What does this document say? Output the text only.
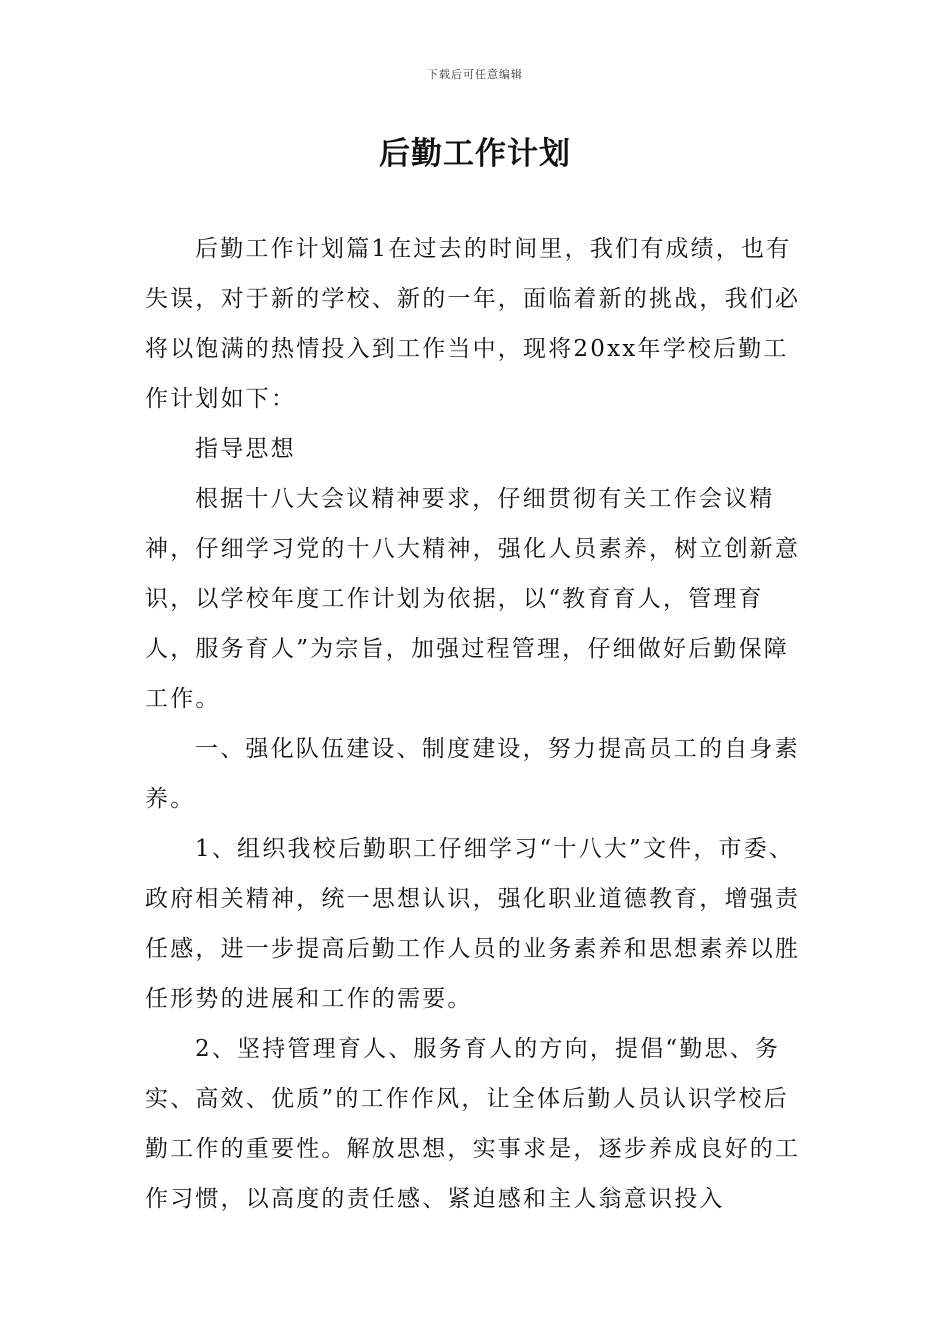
下载后可任意编辑
后勤工作计划

后勤工作计划篇1在过去的时间里，我们有成绩，也有失误，对于新的学校、新的一年，面临着新的挑战，我们必将以饱满的热情投入到工作当中，现将20xx年学校后勤工作计划如下：

指导思想

根据十八大会议精神要求，仔细贯彻有关工作会议精神，仔细学习党的十八大精神，强化人员素养，树立创新意识，以学校年度工作计划为依据，以“教育育人，管理育人，服务育人”为宗旨，加强过程管理，仔细做好后勤保障工作。

一、强化队伍建设、制度建设，努力提高员工的自身素养。

1、组织我校后勤职工仔细学习“十八大”文件，市委、政府相关精神，统一思想认识，强化职业道德教育，增强责任感，进一步提高后勤工作人员的业务素养和思想素养以胜任形势的进展和工作的需要。

2、坚持管理育人、服务育人的方向，提倡“勤思、务实、高效、优质”的工作作风，让全体后勤人员认识学校后勤工作的重要性。解放思想，实事求是，逐步养成良好的工作习惯，以高度的责任感、紧迫感和主人翁意识投入
